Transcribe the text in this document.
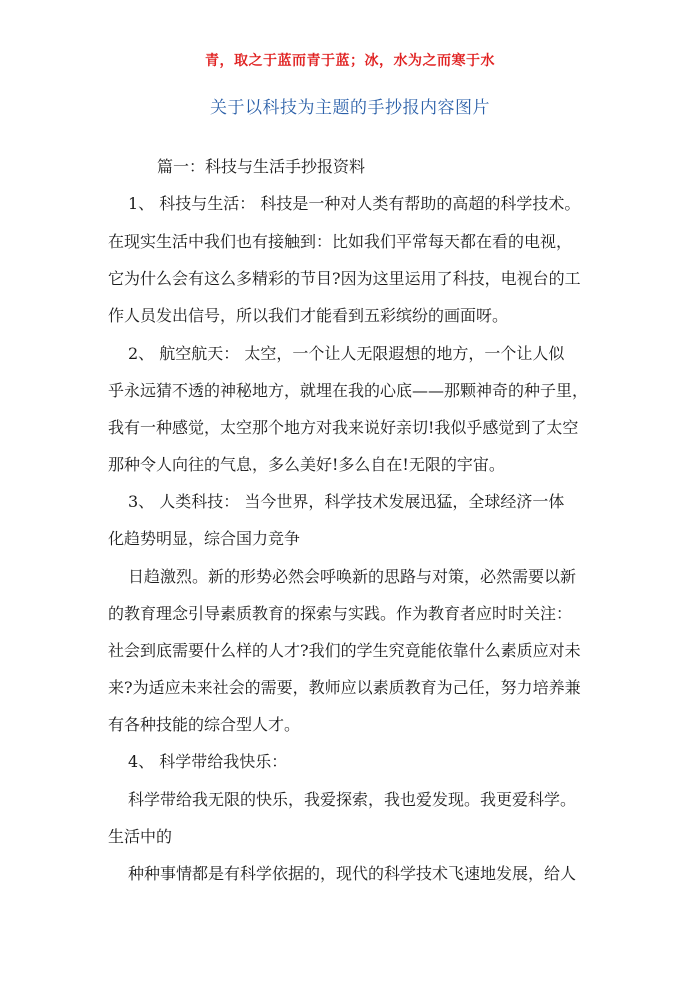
青，取之于蓝而青于蓝；冰，水为之而寒于水
关于以科技为主题的手抄报内容图片
篇一：科技与生活手抄报资料
1、 科技与生活： 科技是一种对人类有帮助的高超的科学技术。
在现实生活中我们也有接触到：比如我们平常每天都在看的电视，
它为什么会有这么多精彩的节目?因为这里运用了科技，电视台的工
作人员发出信号，所以我们才能看到五彩缤纷的画面呀。
2、 航空航天： 太空，一个让人无限遐想的地方，一个让人似
乎永远猜不透的神秘地方，就埋在我的心底——那颗神奇的种子里，
我有一种感觉，太空那个地方对我来说好亲切!我似乎感觉到了太空
那种令人向往的气息，多么美好!多么自在!无限的宇宙。
3、 人类科技： 当今世界，科学技术发展迅猛，全球经济一体
化趋势明显，综合国力竞争
日趋激烈。新的形势必然会呼唤新的思路与对策，必然需要以新
的教育理念引导素质教育的探索与实践。作为教育者应时时关注：
社会到底需要什么样的人才?我们的学生究竟能依靠什么素质应对未
来?为适应未来社会的需要，教师应以素质教育为己任，努力培养兼
有各种技能的综合型人才。
4、 科学带给我快乐：
科学带给我无限的快乐，我爱探索，我也爱发现。我更爱科学。
生活中的
种种事情都是有科学依据的，现代的科学技术飞速地发展，给人
